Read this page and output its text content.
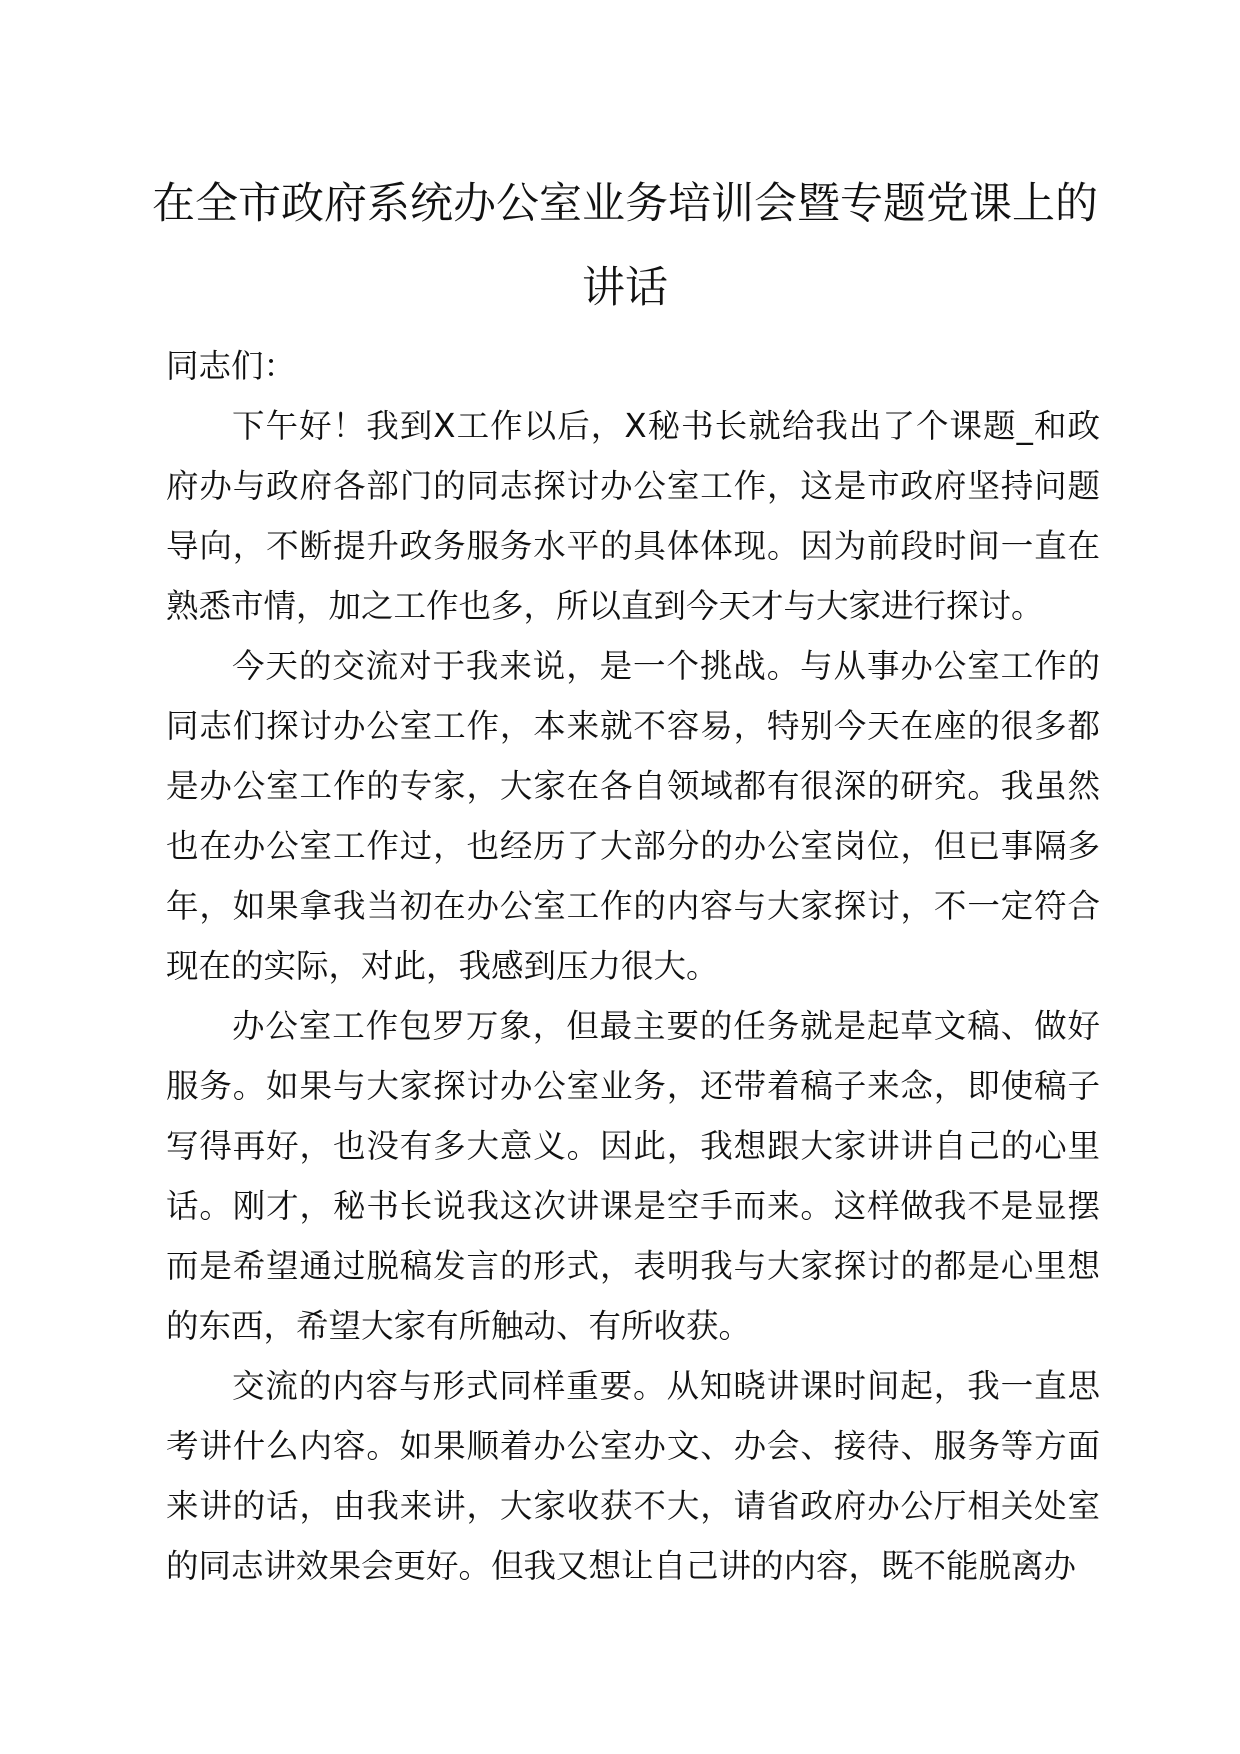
在全市政府系统办公室业务培训会暨专题党课上的讲话

同志们：

下午好！我到X工作以后，X秘书长就给我出了个课题_和政府办与政府各部门的同志探讨办公室工作，这是市政府坚持问题导向，不断提升政务服务水平的具体体现。因为前段时间一直在熟悉市情，加之工作也多，所以直到今天才与大家进行探讨。

今天的交流对于我来说，是一个挑战。与从事办公室工作的同志们探讨办公室工作，本来就不容易，特别今天在座的很多都是办公室工作的专家，大家在各自领域都有很深的研究。我虽然也在办公室工作过，也经历了大部分的办公室岗位，但已事隔多年，如果拿我当初在办公室工作的内容与大家探讨，不一定符合现在的实际，对此，我感到压力很大。

办公室工作包罗万象，但最主要的任务就是起草文稿、做好服务。如果与大家探讨办公室业务，还带着稿子来念，即使稿子写得再好，也没有多大意义。因此，我想跟大家讲讲自己的心里话。刚才，秘书长说我这次讲课是空手而来。这样做我不是显摆而是希望通过脱稿发言的形式，表明我与大家探讨的都是心里想的东西，希望大家有所触动、有所收获。

交流的内容与形式同样重要。从知晓讲课时间起，我一直思考讲什么内容。如果顺着办公室办文、办会、接待、服务等方面来讲的话，由我来讲，大家收获不大，请省政府办公厅相关处室的同志讲效果会更好。但我又想让自己讲的内容，既不能脱离办
